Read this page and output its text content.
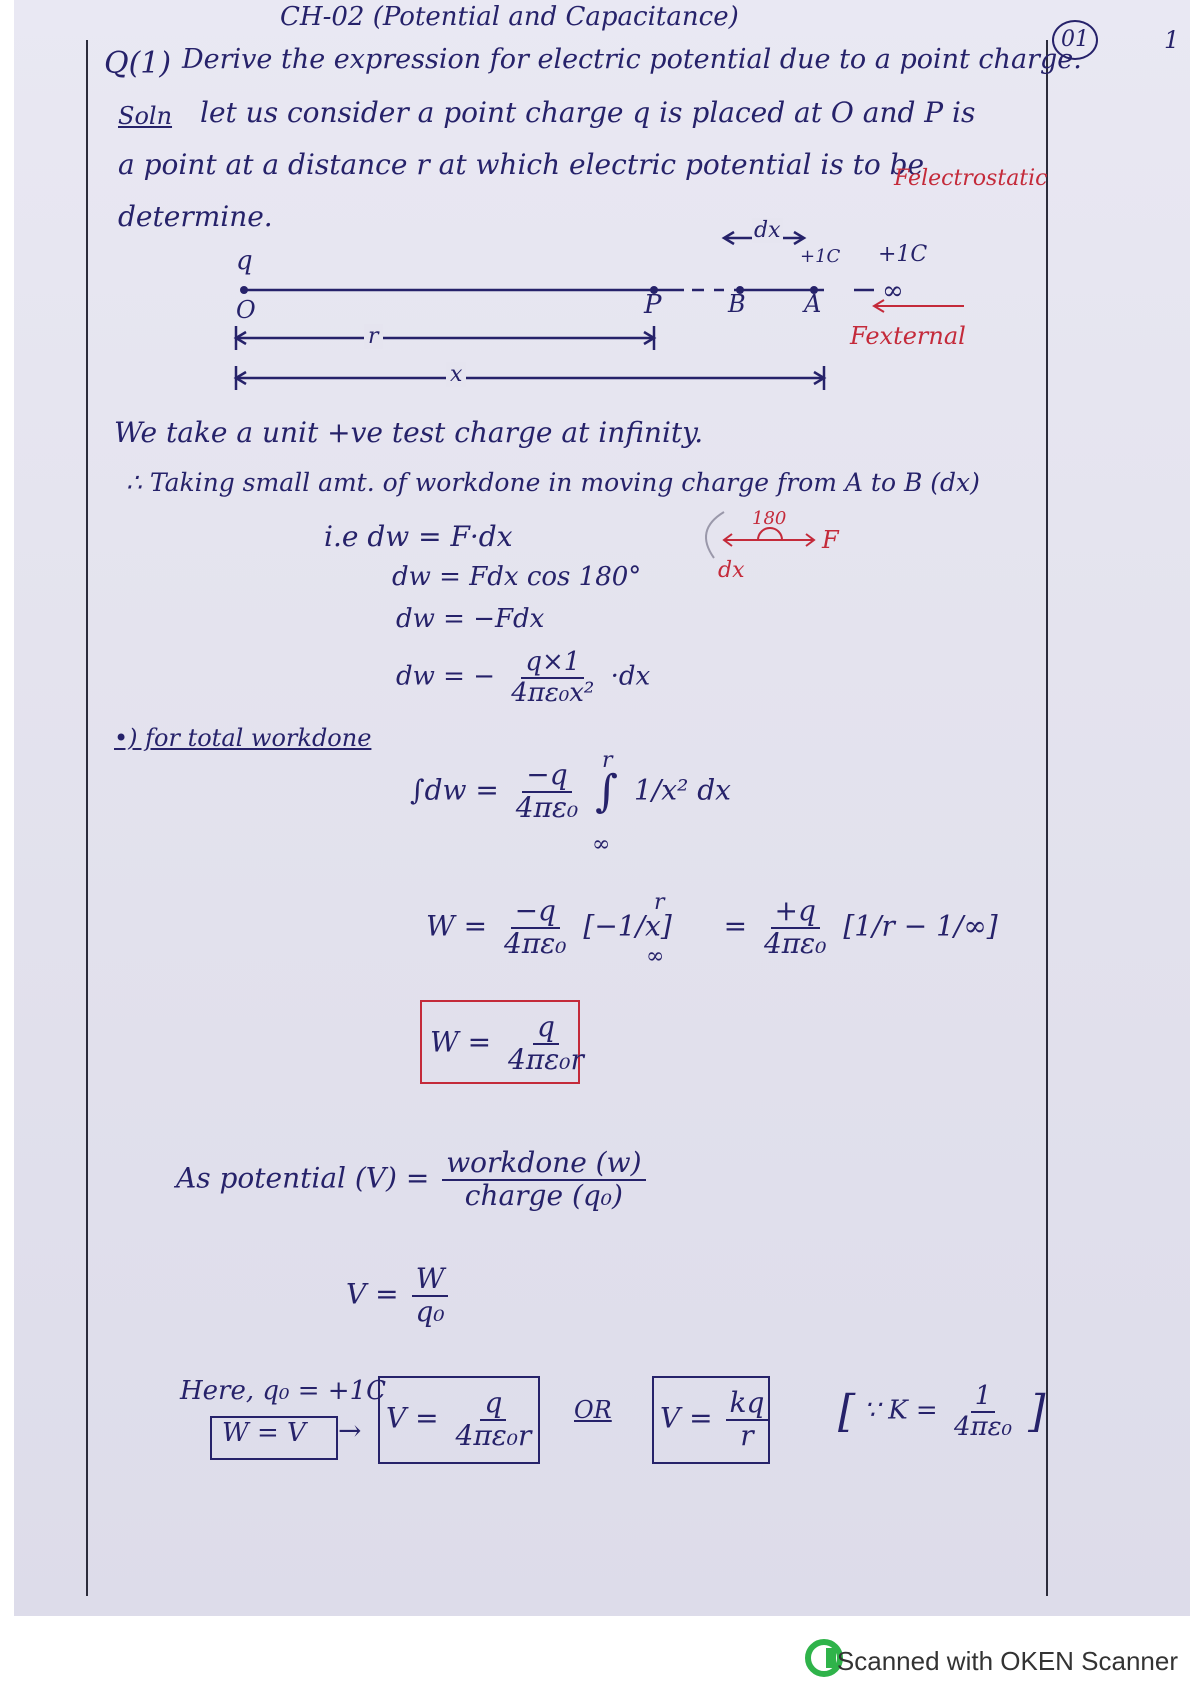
CH-02 (Potential and Capacitance)
01	1
Q(1) Derive the expression for electric potential due to a point charge.
Soln let us consider a point charge q is placed at O and P is
a point at a distance r at which electric potential is to be
determine.
q
O	P	B A ∞
dx
+1C +1C
r
x
Felectrostatic
Fexternal
We take a unit +ve test charge at infinity.
∴ Taking small amt. of workdone in moving charge from A to B (dx)
i.e dw = F·dx
dw = Fdx cos 180°
dw = −Fdx
dw = − $\frac{q\times 1}{\text{4πε₀x²}} \cdot dx$
180
F
dx
•) for total workdone
$\int dw = \frac{-q}{\text{4πε₀}}$ ∫ 1/x² dx
r
∞
$W = \frac{-q}{\text{4πε₀}} [-1/x] = \frac{+q}{\text{4πε₀}} [1/r - 1/\infty]$
r
∞
$W = \frac{q}{\text{4πε₀r}}$
As potential $(V) = \frac{\text{workdone (w)}}{\text{charge (q₀)}}$
$V = \frac{W}{\text{q₀}}$
Here, q₀ = +1C
$W = V \to V = \frac{q}{\text{4πε₀r}}$ OR $V = \frac{kq}{r}$ [ ∵ $K = \frac{1}{\text{4πε₀}}$ ]
Scanned with OKEN Scanner
